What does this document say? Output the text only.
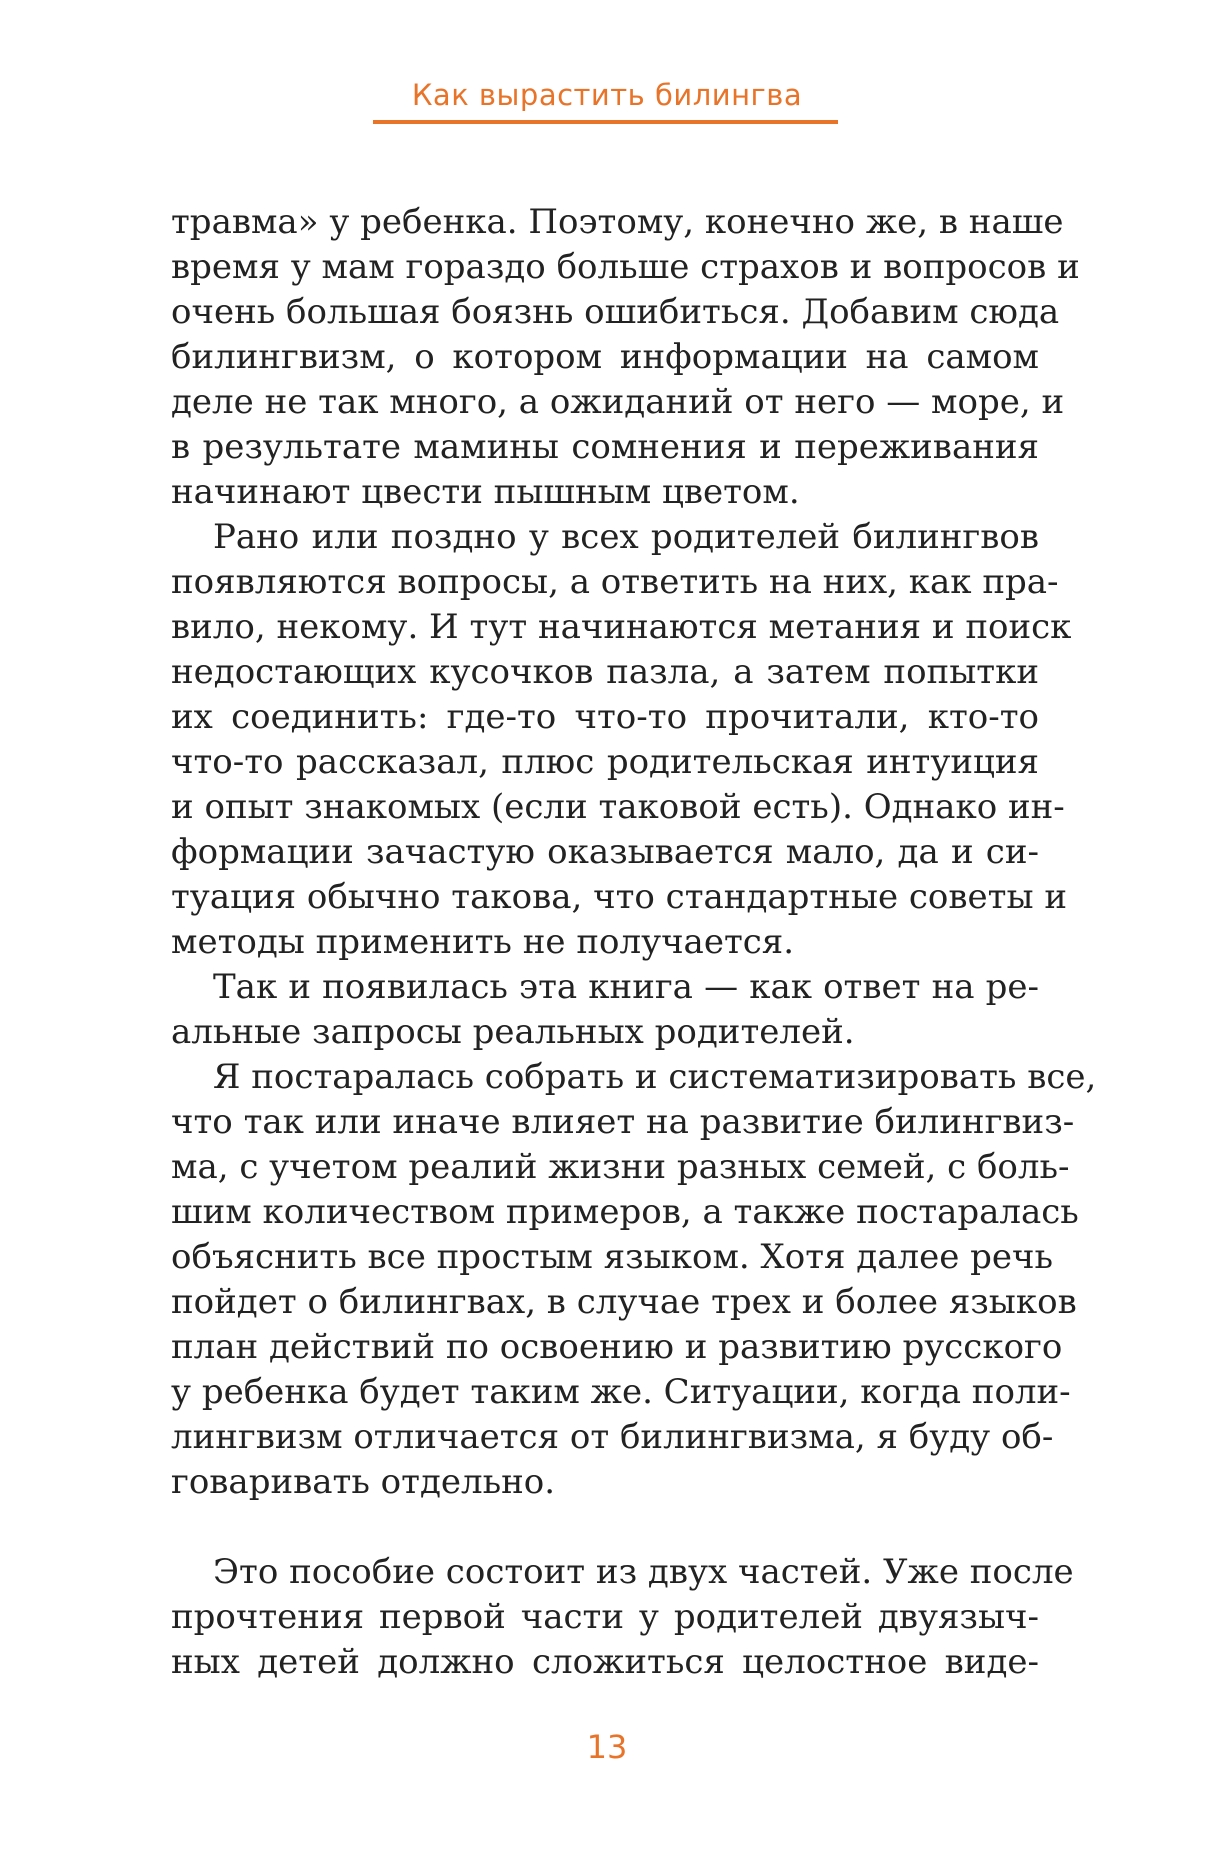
Как вырастить билингва
травма» у ребенка. Поэтому, конечно же, в наше
время у мам гораздо больше страхов и вопросов и
очень большая боязнь ошибиться. Добавим сюда
билингвизм, о котором информации на самом
деле не так много, а ожиданий от него — море, и
в результате мамины сомнения и переживания
начинают цвести пышным цветом.
Рано или поздно у всех родителей билингвов
появляются вопросы, а ответить на них, как пра-
вило, некому. И тут начинаются метания и поиск
недостающих кусочков пазла, а затем попытки
их соединить: где-то что-то прочитали, кто-то
что-то рассказал, плюс родительская интуиция
и опыт знакомых (если таковой есть). Однако ин-
формации зачастую оказывается мало, да и си-
туация обычно такова, что стандартные советы и
методы применить не получается.
Так и появилась эта книга — как ответ на ре-
альные запросы реальных родителей.
Я постаралась собрать и систематизировать все,
что так или иначе влияет на развитие билингвиз-
ма, с учетом реалий жизни разных семей, с боль-
шим количеством примеров, а также постаралась
объяснить все простым языком. Хотя далее речь
пойдет о билингвах, в случае трех и более языков
план действий по освоению и развитию русского
у ребенка будет таким же. Ситуации, когда поли-
лингвизм отличается от билингвизма, я буду об-
говаривать отдельно.
Это пособие состоит из двух частей. Уже после
прочтения первой части у родителей двуязыч-
ных детей должно сложиться целостное виде-
13
